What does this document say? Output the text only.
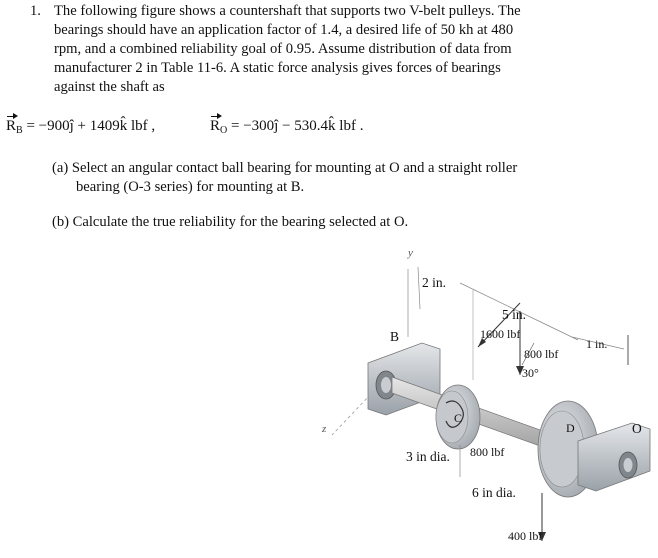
1. The following figure shows a countershaft that supports two V-belt pulleys. The
bearings should have an application factor of 1.4, a desired life of 50 kh at 480
rpm, and a combined reliability goal of 0.95. Assume distribution of data from
manufacturer 2 in Table 11-6. A static force analysis gives forces of bearings
against the shaft as

$R_B$ = −900ĵ + 1409k̂ lbf ,	$R_O$ = −300ĵ − 530.4k̂ lbf .

(a) Select an angular contact ball bearing for mounting at O and a straight roller
bearing (O-3 series) for mounting at B.

(b) Calculate the true reliability for the bearing selected at O.

y
z
2 in.
5 in.
1 in.
1600 lbf
800 lbf
30°
800 lbf
400 lbf
3 in dia.
6 in dia.
B
C
D	O
